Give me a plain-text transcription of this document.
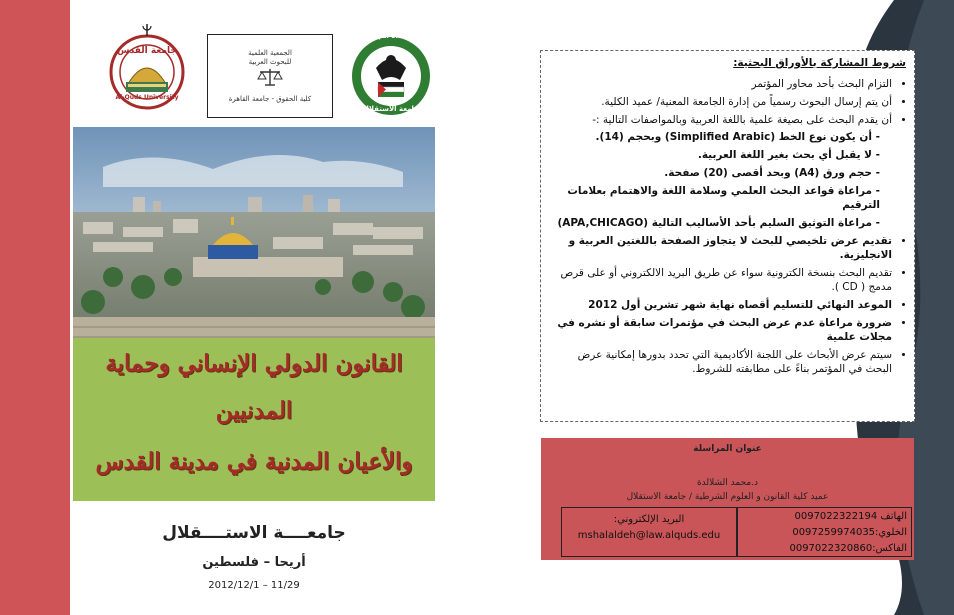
جامعة القدس
Al-Quds University
الجمعية العلمية
للبحوث العربية
كلية الحقوق - جامعة القاهرة
Al Istiqlal University
جامعة الاستقلال
القانون الدولي الإنساني وحماية
المدنيين
والأعيان المدنية في مدينة القدس
جامعــــة الاستــــقلال
أريحا – فلسطين
2012/12/1 – 11/29
شروط المشاركة بالأوراق البحثية:
• التزام البحث بأحد محاور المؤتمر
• أن يتم إرسال البحوث رسمياً من إدارة الجامعة المعنية/ عميد الكلية.
• أن يقدم البحث على بصيغة علمية باللغة العربية وبالمواصفات التالية :-
- أن يكون نوع الخط (Simplified Arabic) وبحجم (14).
- لا يقبل أي بحث بغير اللغة العربية.
- حجم ورق (A4) وبحد أقصى (20) صفحة.
- مراعاة قواعد البحث العلمي وسلامة اللغة والاهتمام بعلامات الترقيم
- مراعاة التوثيق السليم بأحد الأساليب التالية (APA,CHICAGO)
• تقديم عرض تلخيصي للبحث لا يتجاوز الصفحة باللغتين العربية و الانجليزية.
• تقديم البحث بنسخة الكترونية سواء عن طريق البريد الالكتروني أو على قرص مدمج ( CD ).
• الموعد النهائي للتسليم أقصاه نهاية شهر تشرين أول 2012
• ضرورة مراعاة عدم عرض البحث في مؤتمرات سابقة أو نشره في مجلات علمية
• سيتم عرض الأبحاث على اللجنة الأكاديمية التي تحدد بدورها إمكانية عرض البحث في المؤتمر بناءً على مطابقته للشروط.
عنوان المراسلة
د.محمد الشلالدة
عميد كلية القانون و العلوم الشرطية / جامعة الاستقلال
البريد الإلكتروني:
mshalaldeh@law.alquds.edu
الهاتف 0097022322194
الخلوي:0097259974035
الفاكس:0097022320860
